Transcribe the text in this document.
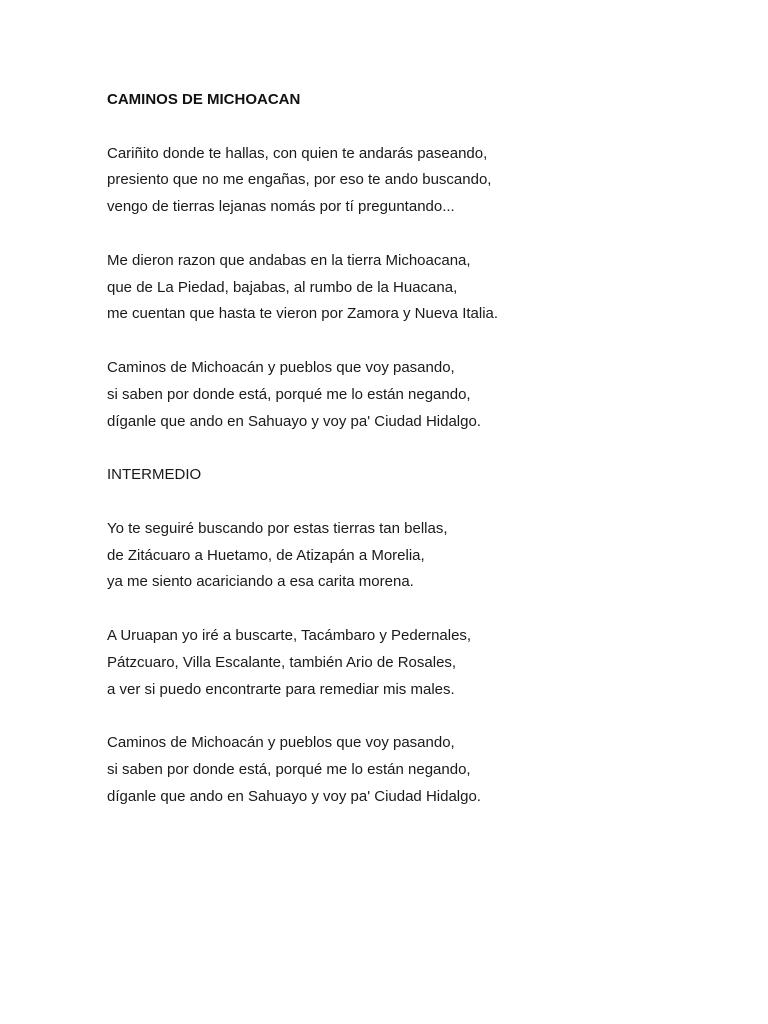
CAMINOS DE MICHOACAN

Cariñito donde te hallas, con quien te andarás paseando,

presiento que no me engañas, por eso te ando buscando,

vengo de tierras lejanas nomás por tí preguntando...

Me dieron razon que andabas en la tierra Michoacana,

que de La Piedad, bajabas, al rumbo de la Huacana,

me cuentan que hasta te vieron por Zamora y Nueva Italia.

Caminos de Michoacán y pueblos que voy pasando,

si saben por donde está, porqué me lo están negando,

díganle que ando en Sahuayo y voy pa' Ciudad Hidalgo.

INTERMEDIO

Yo te seguiré buscando por estas tierras tan bellas,

de Zitácuaro a Huetamo, de Atizapán a Morelia,

ya me siento acariciando a esa carita morena.

A Uruapan yo iré a buscarte, Tacámbaro y Pedernales,

Pátzcuaro, Villa Escalante, también Ario de Rosales,

a ver si puedo encontrarte para remediar mis males.

Caminos de Michoacán y pueblos que voy pasando,

si saben por donde está, porqué me lo están negando,

díganle que ando en Sahuayo y voy pa' Ciudad Hidalgo.
